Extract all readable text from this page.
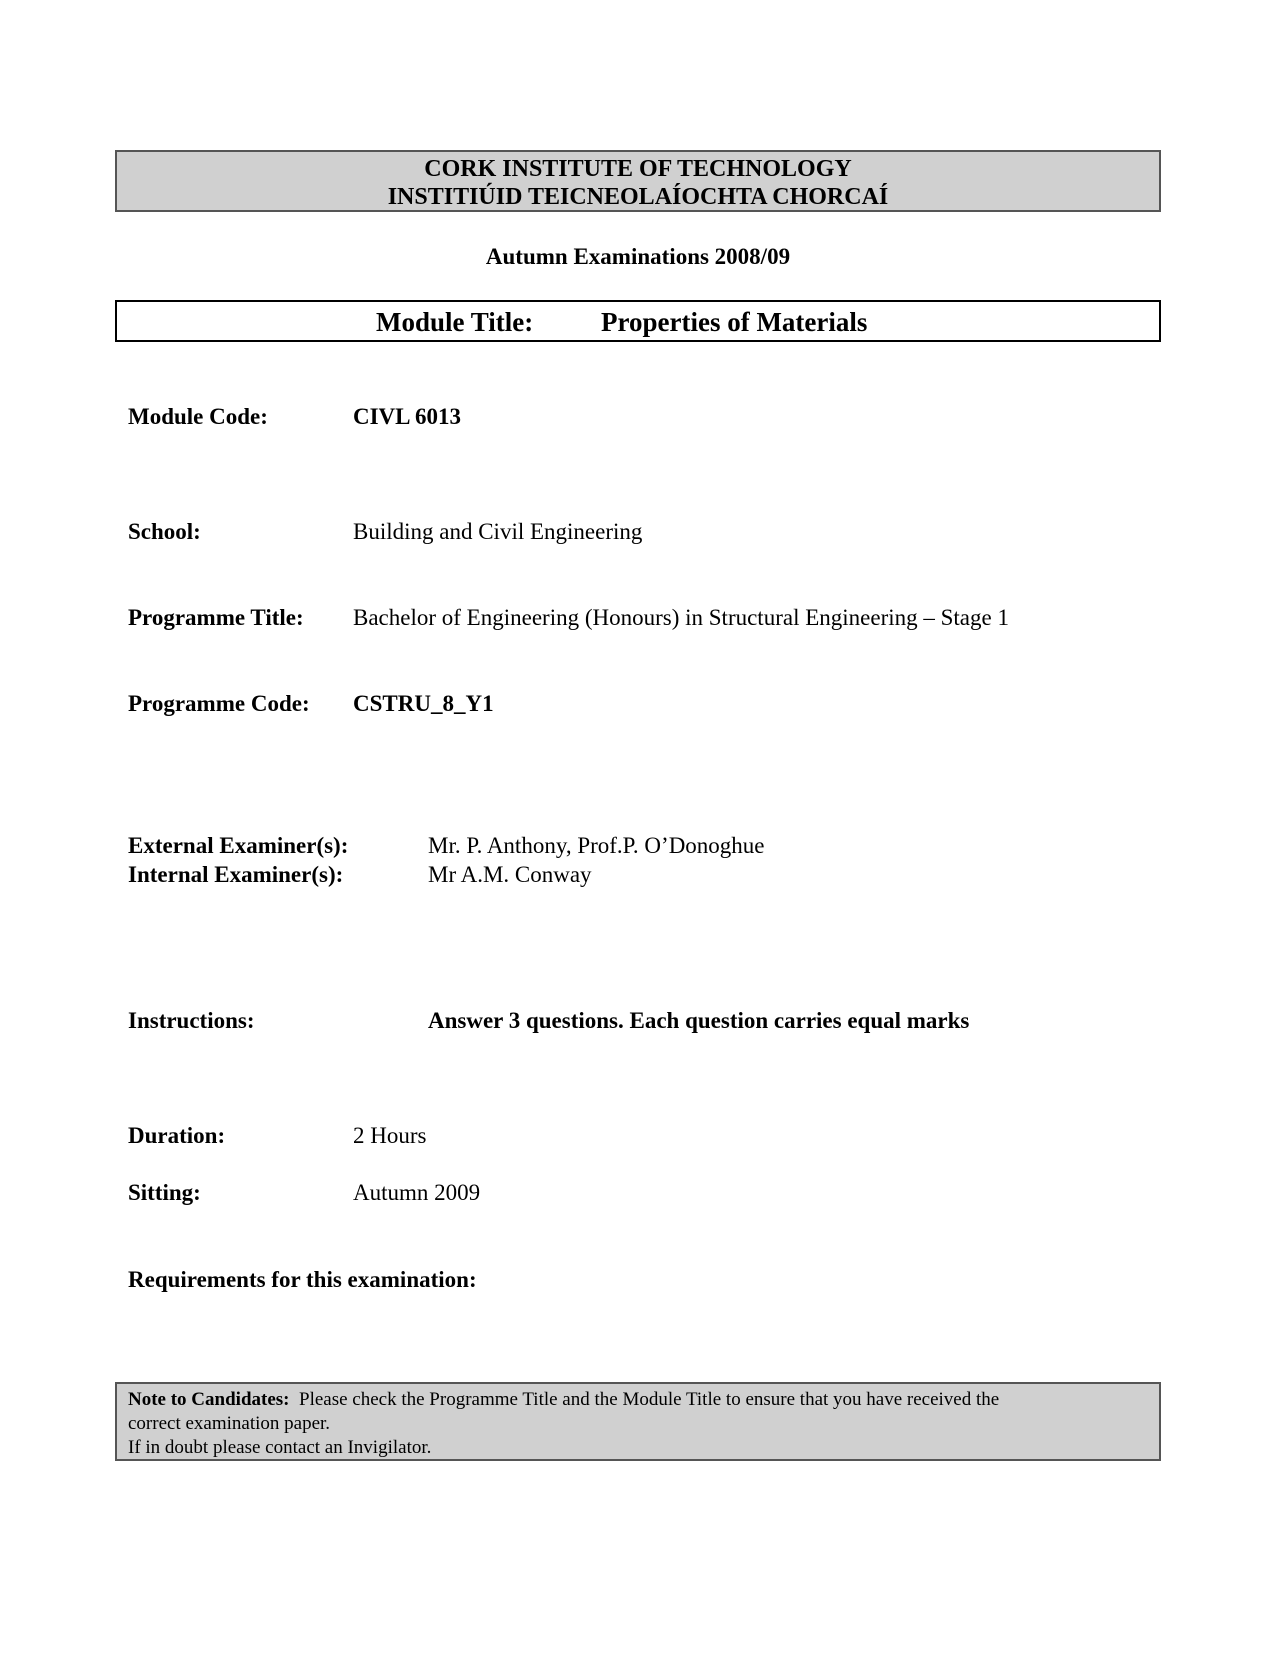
CORK INSTITUTE OF TECHNOLOGY
INSTITIÚID TEICNEOLAÍOCHTA CHORCAÍ
Autumn Examinations 2008/09
Module Title:	Properties of Materials
Module Code:	CIVL 6013
School:	Building and Civil Engineering
Programme Title: Bachelor of Engineering (Honours) in Structural Engineering – Stage 1
Programme Code: CSTRU_8_Y1
External Examiner(s):	Mr. P. Anthony, Prof.P. O’Donoghue
Internal Examiner(s):	Mr A.M. Conway
Instructions:	Answer 3 questions. Each question carries equal marks
Duration:	2 Hours
Sitting:	Autumn 2009
Requirements for this examination:
Note to Candidates:  Please check the Programme Title and the Module Title to ensure that you have received the
correct examination paper.
If in doubt please contact an Invigilator.
